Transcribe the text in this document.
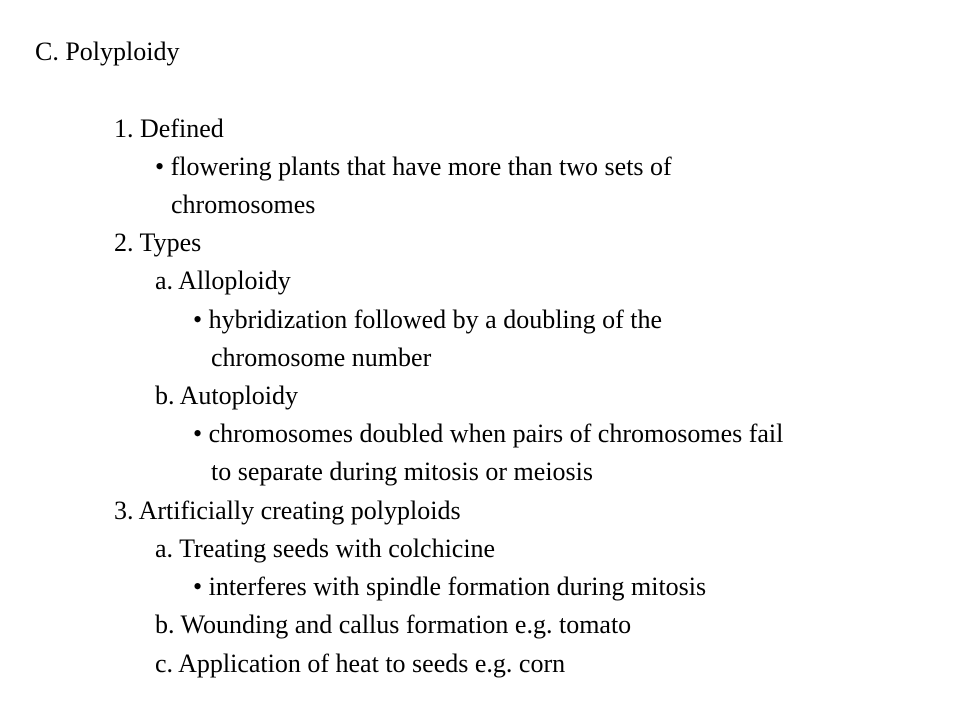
C. Polyploidy
1. Defined
• flowering plants that have more than two sets of
chromosomes
2. Types
a. Alloploidy
• hybridization followed by a doubling of the
chromosome number
b. Autoploidy
• chromosomes doubled when pairs of chromosomes fail
to separate during mitosis or meiosis
3. Artificially creating polyploids
a. Treating seeds with colchicine
• interferes with spindle formation during mitosis
b. Wounding and callus formation e.g. tomato
c. Application of heat to seeds e.g. corn
